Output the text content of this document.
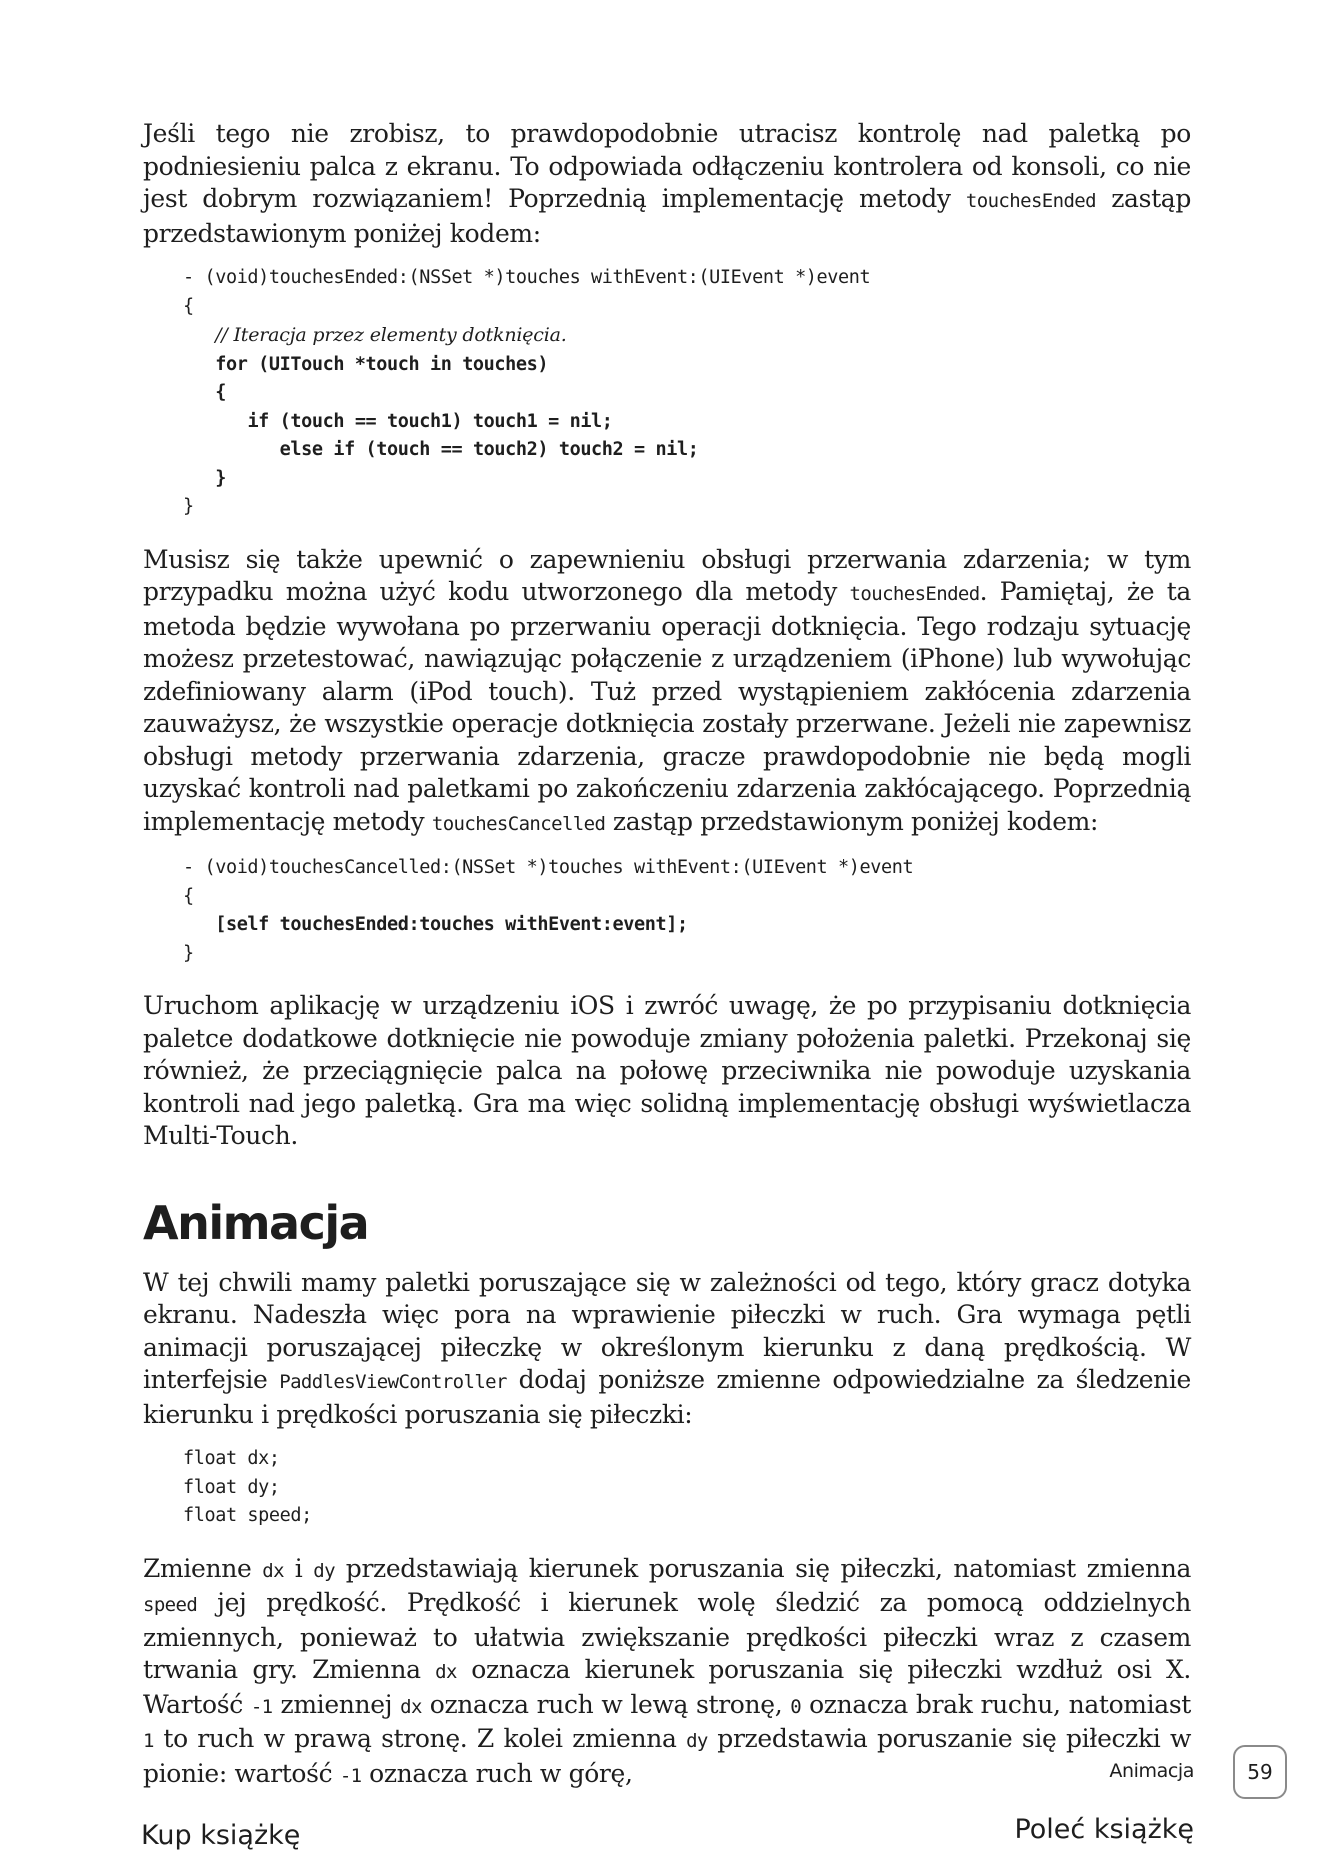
Jeśli tego nie zrobisz, to prawdopodobnie utracisz kontrolę nad paletką po podniesieniu palca z ekranu. To odpowiada odłączeniu kontrolera od konsoli, co nie jest dobrym rozwiązaniem! Poprzednią implementację metody touchesEnded zastąp przedstawionym poniżej kodem:

- (void)touchesEnded:(NSSet *)touches withEvent:(UIEvent *)event
{
// Iteracja przez elementy dotknięcia.
for (UITouch *touch in touches)
{
if (touch == touch1) touch1 = nil;
else if (touch == touch2) touch2 = nil;
}
}

Musisz się także upewnić o zapewnieniu obsługi przerwania zdarzenia; w tym przypadku można użyć kodu utworzonego dla metody touchesEnded. Pamiętaj, że ta metoda będzie wywołana po przerwaniu operacji dotknięcia. Tego rodzaju sytuację możesz przetestować, nawiązując połączenie z urządzeniem (iPhone) lub wywołując zdefiniowany alarm (iPod touch). Tuż przed wystąpieniem zakłócenia zdarzenia zauważysz, że wszystkie operacje dotknięcia zostały przerwane. Jeżeli nie zapewnisz obsługi metody przerwania zdarzenia, gracze prawdopodobnie nie będą mogli uzyskać kontroli nad paletkami po zakończeniu zdarzenia zakłócającego. Poprzednią implementację metody touchesCancelled zastąp przedstawionym poniżej kodem:

- (void)touchesCancelled:(NSSet *)touches withEvent:(UIEvent *)event
{
[self touchesEnded:touches withEvent:event];
}

Uruchom aplikację w urządzeniu iOS i zwróć uwagę, że po przypisaniu dotknięcia paletce dodatkowe dotknięcie nie powoduje zmiany położenia paletki. Przekonaj się również, że przeciągnięcie palca na połowę przeciwnika nie powoduje uzyskania kontroli nad jego paletką. Gra ma więc solidną implementację obsługi wyświetlacza Multi-Touch.

Animacja

W tej chwili mamy paletki poruszające się w zależności od tego, który gracz dotyka ekranu. Nadeszła więc pora na wprawienie piłeczki w ruch. Gra wymaga pętli animacji poruszającej piłeczkę w określonym kierunku z daną prędkością. W interfejsie PaddlesViewController dodaj poniższe zmienne odpowiedzialne za śledzenie kierunku i prędkości poruszania się piłeczki:

float dx;
float dy;
float speed;

Zmienne dx i dy przedstawiają kierunek poruszania się piłeczki, natomiast zmienna speed jej prędkość. Prędkość i kierunek wolę śledzić za pomocą oddzielnych zmiennych, ponieważ to ułatwia zwiększanie prędkości piłeczki wraz z czasem trwania gry. Zmienna dx oznacza kierunek poruszania się piłeczki wzdłuż osi X. Wartość -1 zmiennej dx oznacza ruch w lewą stronę, 0 oznacza brak ruchu, natomiast 1 to ruch w prawą stronę. Z kolei zmienna dy przedstawia poruszanie się piłeczki w pionie: wartość -1 oznacza ruch w górę,	Animacja	59
Kup książkę	Poleć książkę
